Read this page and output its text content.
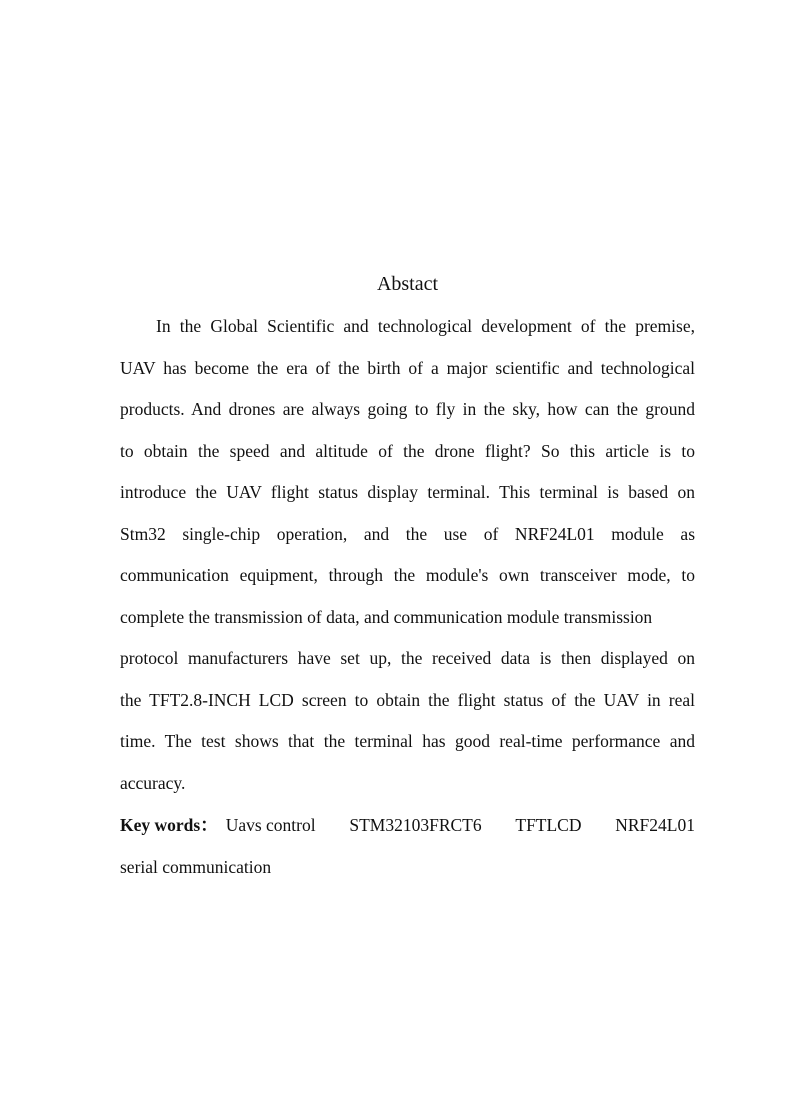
Abstact
In the Global Scientific and technological development of the premise,
UAV has become the era of the birth of a major scientific and technological
products. And drones are always going to fly in the sky, how can the ground
to obtain the speed and altitude of the drone flight? So this article is to
introduce the UAV flight status display terminal. This terminal is based on
Stm32 single-chip operation, and the use of NRF24L01 module as
communication equipment, through the module's own transceiver mode, to
complete the transmission of data, and communication module transmission
protocol manufacturers have set up, the received data is then displayed on
the TFT2.8-INCH LCD screen to obtain the flight status of the UAV in real
time. The test shows that the terminal has good real-time performance and
accuracy.
Key words： Uavs control STM32103FRCT6 TFTLCD NRF24L01
serial communication
